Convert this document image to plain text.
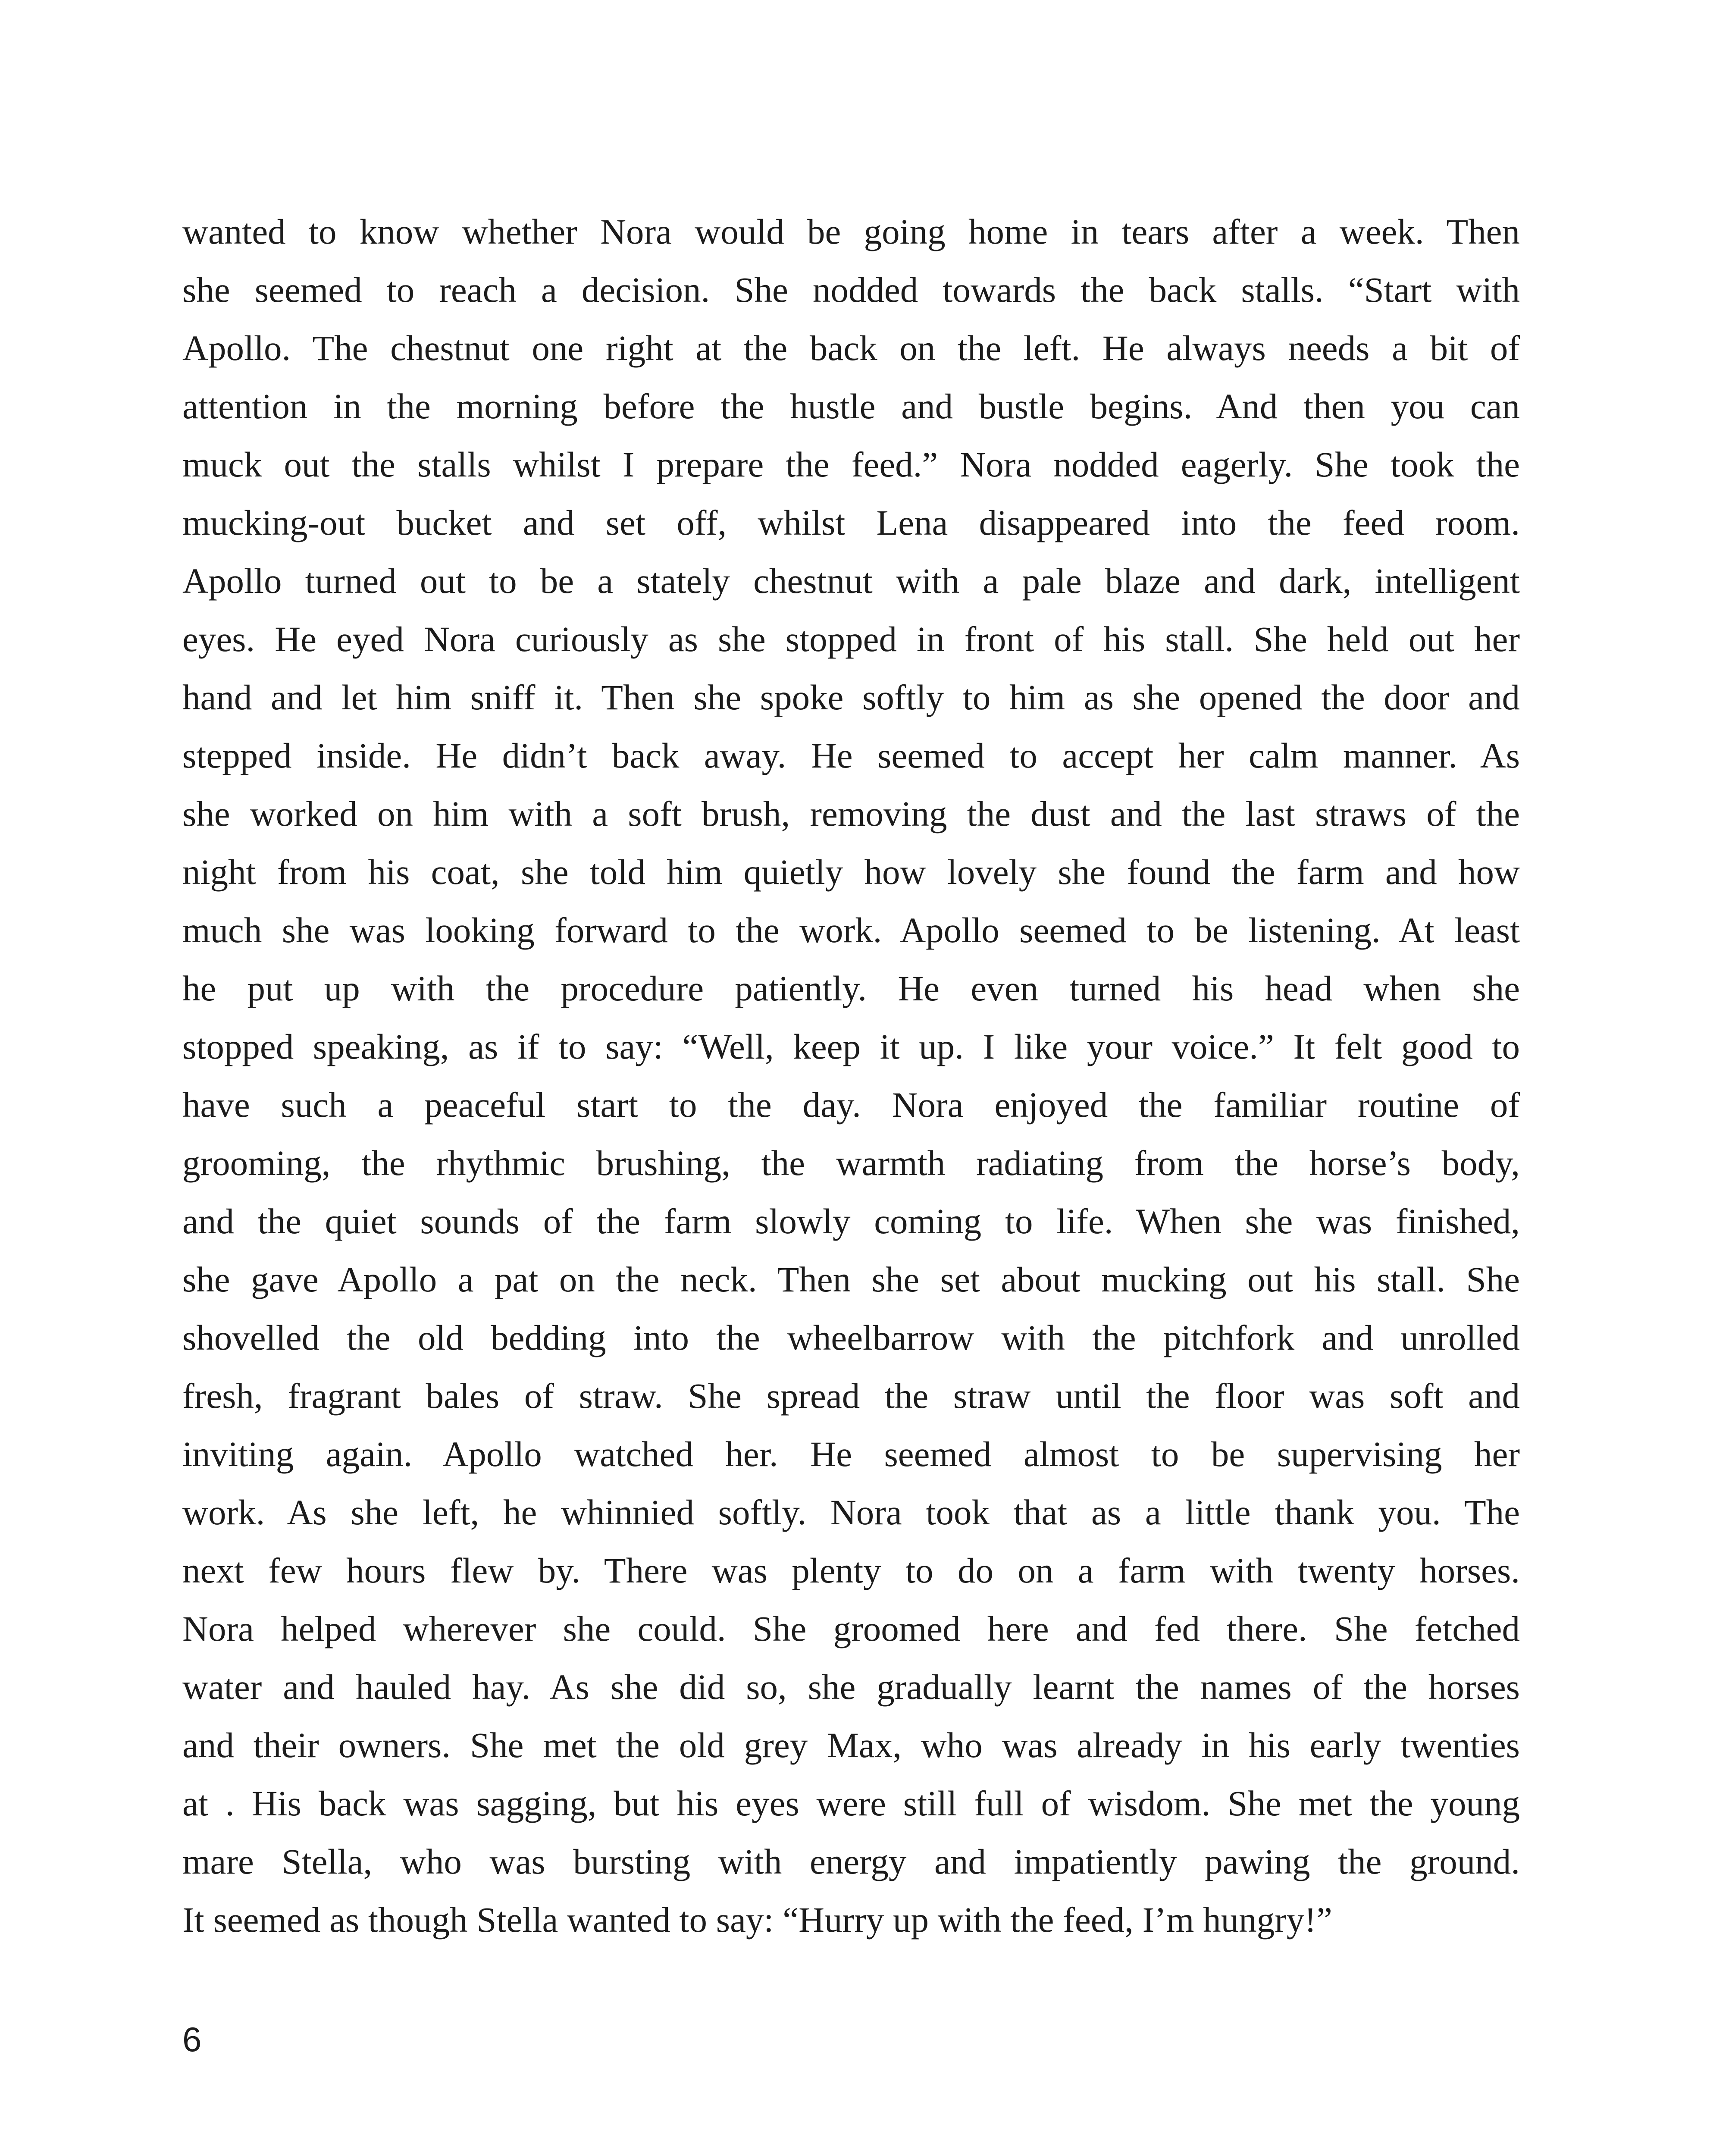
wanted to know whether Nora would be going home in tears after a week. Then
she seemed to reach a decision. She nodded towards the back stalls. “Start with
Apollo. The chestnut one right at the back on the left. He always needs a bit of
attention in the morning before the hustle and bustle begins. And then you can
muck out the stalls whilst I prepare the feed.” Nora nodded eagerly. She took the
mucking-out bucket and set off, whilst Lena disappeared into the feed room.
Apollo turned out to be a stately chestnut with a pale blaze and dark, intelligent
eyes. He eyed Nora curiously as she stopped in front of his stall. She held out her
hand and let him sniff it. Then she spoke softly to him as she opened the door and
stepped inside. He didn’t back away. He seemed to accept her calm manner. As
she worked on him with a soft brush, removing the dust and the last straws of the
night from his coat, she told him quietly how lovely she found the farm and how
much she was looking forward to the work. Apollo seemed to be listening. At least
he put up with the procedure patiently. He even turned his head when she
stopped speaking, as if to say: “Well, keep it up. I like your voice.” It felt good to
have such a peaceful start to the day. Nora enjoyed the familiar routine of
grooming, the rhythmic brushing, the warmth radiating from the horse’s body,
and the quiet sounds of the farm slowly coming to life. When she was finished,
she gave Apollo a pat on the neck. Then she set about mucking out his stall. She
shovelled the old bedding into the wheelbarrow with the pitchfork and unrolled
fresh, fragrant bales of straw. She spread the straw until the floor was soft and
inviting again. Apollo watched her. He seemed almost to be supervising her
work. As she left, he whinnied softly. Nora took that as a little thank you. The
next few hours flew by. There was plenty to do on a farm with twenty horses.
Nora helped wherever she could. She groomed here and fed there. She fetched
water and hauled hay. As she did so, she gradually learnt the names of the horses
and their owners. She met the old grey Max, who was already in his early twenties
at . His back was sagging, but his eyes were still full of wisdom. She met the young
mare Stella, who was bursting with energy and impatiently pawing the ground.
It seemed as though Stella wanted to say: “Hurry up with the feed, I’m hungry!”
6
